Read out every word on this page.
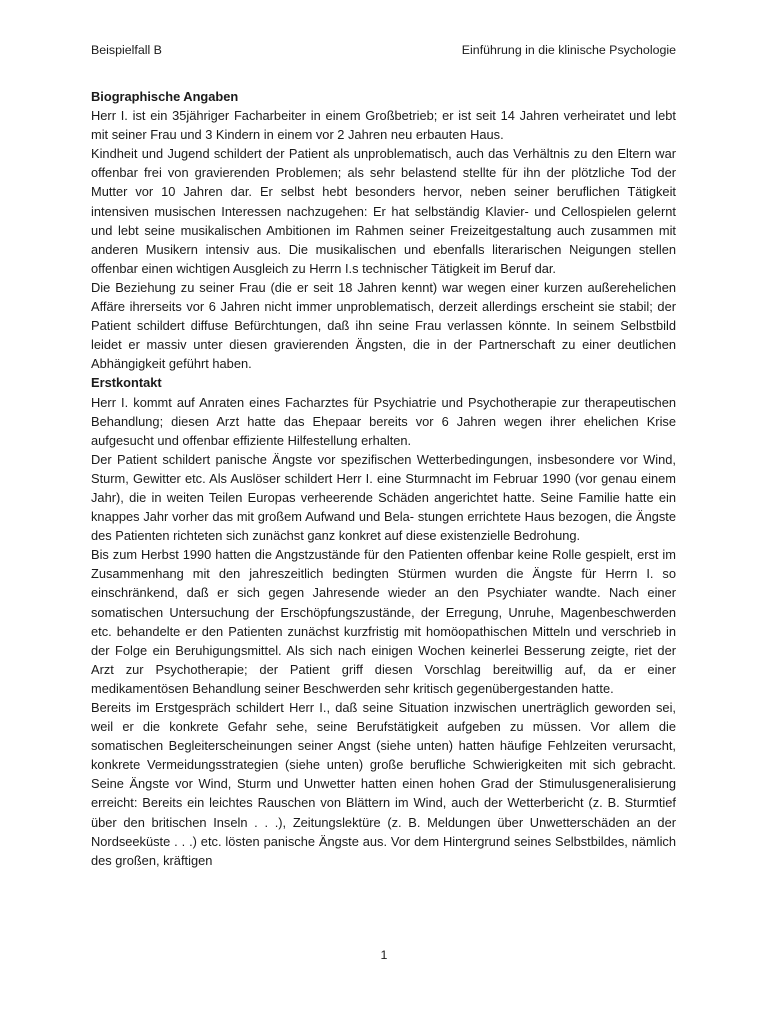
Beispielfall B	Einführung in die klinische Psychologie
Biographische Angaben

Herr I. ist ein 35jähriger Facharbeiter in einem Großbetrieb; er ist seit 14 Jahren verheiratet und lebt mit seiner Frau und 3 Kindern in einem vor 2 Jahren neu erbauten Haus.

Kindheit und Jugend schildert der Patient als unproblematisch, auch das Verhältnis zu den Eltern war offenbar frei von gravierenden Problemen; als sehr belastend stellte für ihn der plötzliche Tod der Mutter vor 10 Jahren dar. Er selbst hebt besonders hervor, neben seiner beruflichen Tätigkeit intensiven musischen Interessen nachzugehen: Er hat selbständig Klavier- und Cellospielen gelernt und lebt seine musikalischen Ambitionen im Rahmen seiner Freizeitgestaltung auch zusammen mit anderen Musikern intensiv aus. Die musikalischen und ebenfalls literarischen Neigungen stellen offenbar einen wichtigen Ausgleich zu Herrn I.s technischer Tätigkeit im Beruf dar.

Die Beziehung zu seiner Frau (die er seit 18 Jahren kennt) war wegen einer kurzen außerehelichen Affäre ihrerseits vor 6 Jahren nicht immer unproblematisch, derzeit allerdings erscheint sie stabil; der Patient schildert diffuse Befürchtungen, daß ihn seine Frau verlassen könnte. In seinem Selbstbild leidet er massiv unter diesen gravierenden Ängsten, die in der Partnerschaft zu einer deutlichen Abhängigkeit geführt haben.

Erstkontakt

Herr I. kommt auf Anraten eines Facharztes für Psychiatrie und Psychotherapie zur therapeutischen Behandlung; diesen Arzt hatte das Ehepaar bereits vor 6 Jahren wegen ihrer ehelichen Krise aufgesucht und offenbar effiziente Hilfestellung erhalten.

Der Patient schildert panische Ängste vor spezifischen Wetterbedingungen, insbesondere vor Wind, Sturm, Gewitter etc. Als Auslöser schildert Herr I. eine Sturmnacht im Februar 1990 (vor genau einem Jahr), die in weiten Teilen Europas verheerende Schäden angerichtet hatte. Seine Familie hatte ein knappes Jahr vorher das mit großem Aufwand und Bela- stungen errichtete Haus bezogen, die Ängste des Patienten richteten sich zunächst ganz konkret auf diese existenzielle Bedrohung.

Bis zum Herbst 1990 hatten die Angstzustände für den Patienten offenbar keine Rolle gespielt, erst im Zusammenhang mit den jahreszeitlich bedingten Stürmen wurden die Ängste für Herrn I. so einschränkend, daß er sich gegen Jahresende wieder an den Psychiater wandte. Nach einer somatischen Untersuchung der Erschöpfungszustände, der Erregung, Unruhe, Magenbeschwerden etc. behandelte er den Patienten zunächst kurzfristig mit homöopathischen Mitteln und verschrieb in der Folge ein Beruhigungsmittel. Als sich nach einigen Wochen keinerlei Besserung zeigte, riet der Arzt zur Psychotherapie; der Patient griff diesen Vorschlag bereitwillig auf, da er einer medikamentösen Behandlung seiner Beschwerden sehr kritisch gegenübergestanden hatte.

Bereits im Erstgespräch schildert Herr I., daß seine Situation inzwischen unerträglich geworden sei, weil er die konkrete Gefahr sehe, seine Berufstätigkeit aufgeben zu müssen. Vor allem die somatischen Begleiterscheinungen seiner Angst (siehe unten) hatten häufige Fehlzeiten verursacht, konkrete Vermeidungsstrategien (siehe unten) große berufliche Schwierigkeiten mit sich gebracht. Seine Ängste vor Wind, Sturm und Unwetter hatten einen hohen Grad der Stimulusgeneralisierung erreicht: Bereits ein leichtes Rauschen von Blättern im Wind, auch der Wetterbericht (z. B. Sturmtief über den britischen Inseln . . .), Zeitungslektüre (z. B. Meldungen über Unwetterschäden an der Nordseeküste . . .) etc. lösten panische Ängste aus. Vor dem Hintergrund seines Selbstbildes, nämlich des großen, kräftigen

1
